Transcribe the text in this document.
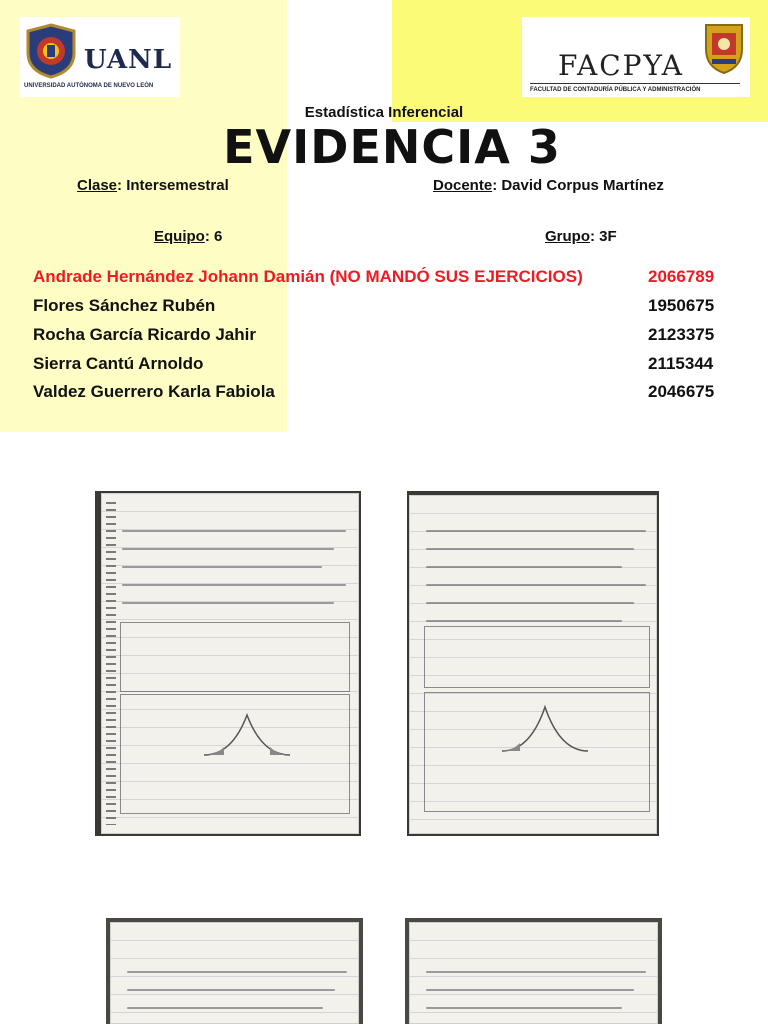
UANL
UNIVERSIDAD AUTÓNOMA DE NUEVO LEÓN
FACPYA
FACULTAD DE CONTADURÍA PÚBLICA Y ADMINISTRACIÓN
Estadística Inferencial
EVIDENCIA 3
Clase: Intersemestral	Docente: David Corpus Martínez
Equipo: 6	Grupo: 3F
Andrade Hernández Johann Damián (NO MANDÓ SUS EJERCICIOS)	2066789
Flores Sánchez Rubén	1950675
Rocha García Ricardo Jahir	2123375
Sierra Cantú Arnoldo	2115344
Valdez Guerrero Karla Fabiola	2046675
